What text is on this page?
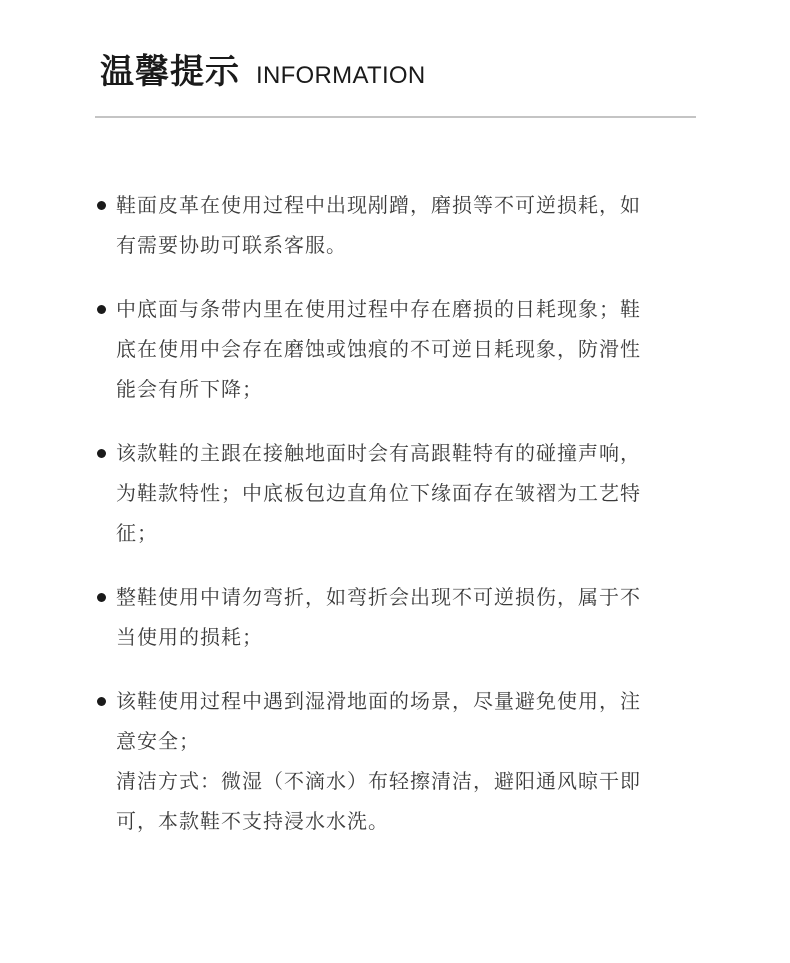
温馨提示 INFORMATION
鞋面皮革在使用过程中出现剐蹭，磨损等不可逆损耗，如
有需要协助可联系客服。
中底面与条带内里在使用过程中存在磨损的日耗现象；鞋
底在使用中会存在磨蚀或蚀痕的不可逆日耗现象，防滑性
能会有所下降；
该款鞋的主跟在接触地面时会有高跟鞋特有的碰撞声响，
为鞋款特性；中底板包边直角位下缘面存在皱褶为工艺特
征；
整鞋使用中请勿弯折，如弯折会出现不可逆损伤，属于不
当使用的损耗；
该鞋使用过程中遇到湿滑地面的场景，尽量避免使用，注
意安全；
清洁方式：微湿（不滴水）布轻擦清洁，避阳通风晾干即
可，本款鞋不支持浸水水洗。
